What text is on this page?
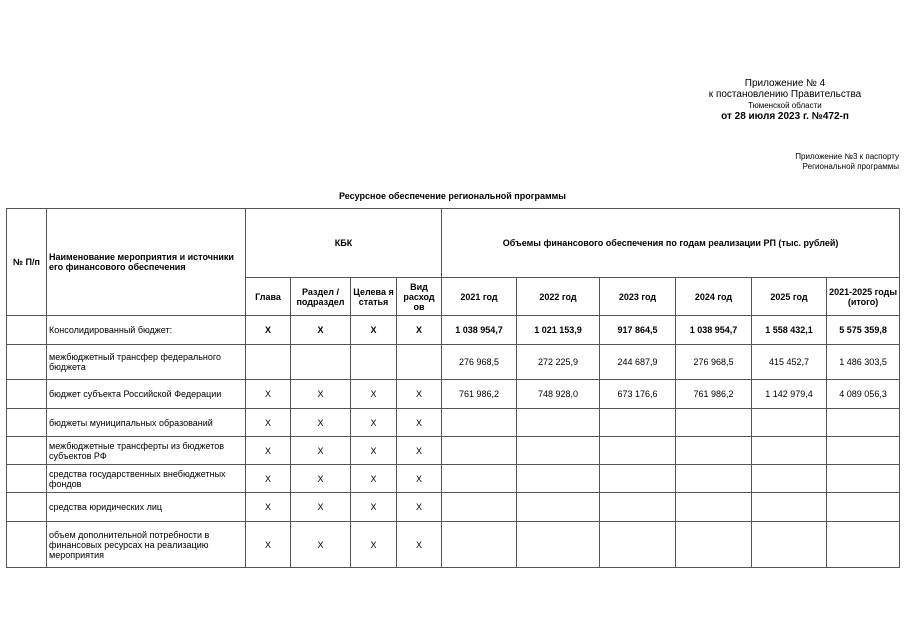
Приложение № 4
к постановлению Правительства
Тюменской области
от 28 июля 2023 г. №472-п
Приложение №3 к паспорту
Региональной программы
Ресурсное обеспечение региональной программы
№ П/п	Наименование мероприятия и источники его финансового обеспечения	КБК				Объемы финансового обеспечения по годам реализации РП (тыс. рублей)					
		Глава	Раздел / подраздел	Целева я статья	Вид расход ов	2021 год	2022 год	2023 год	2024 год	2025 год	2021-2025 годы (итого)
	Консолидированный бюджет:	Х	Х	Х	Х	1 038 954,7	1 021 153,9	917 864,5	1 038 954,7	1 558 432,1	5 575 359,8
	межбюджетный трансфер федерального бюджета					276 968,5	272 225,9	244 687,9	276 968,5	415 452,7	1 486 303,5
	бюджет субъекта Российской Федерации	Х	Х	Х	Х	761 986,2	748 928,0	673 176,6	761 986,2	1 142 979,4	4 089 056,3
	бюджеты муниципальных образований	Х	Х	Х	Х						
	межбюджетные трансферты из бюджетов субъектов РФ	Х	Х	Х	Х						
	средства государственных внебюджетных фондов	Х	Х	Х	Х						
	средства юридических лиц	Х	Х	Х	Х						
	объем дополнительной потребности в финансовых ресурсах на реализацию мероприятия	Х	Х	Х	Х						
